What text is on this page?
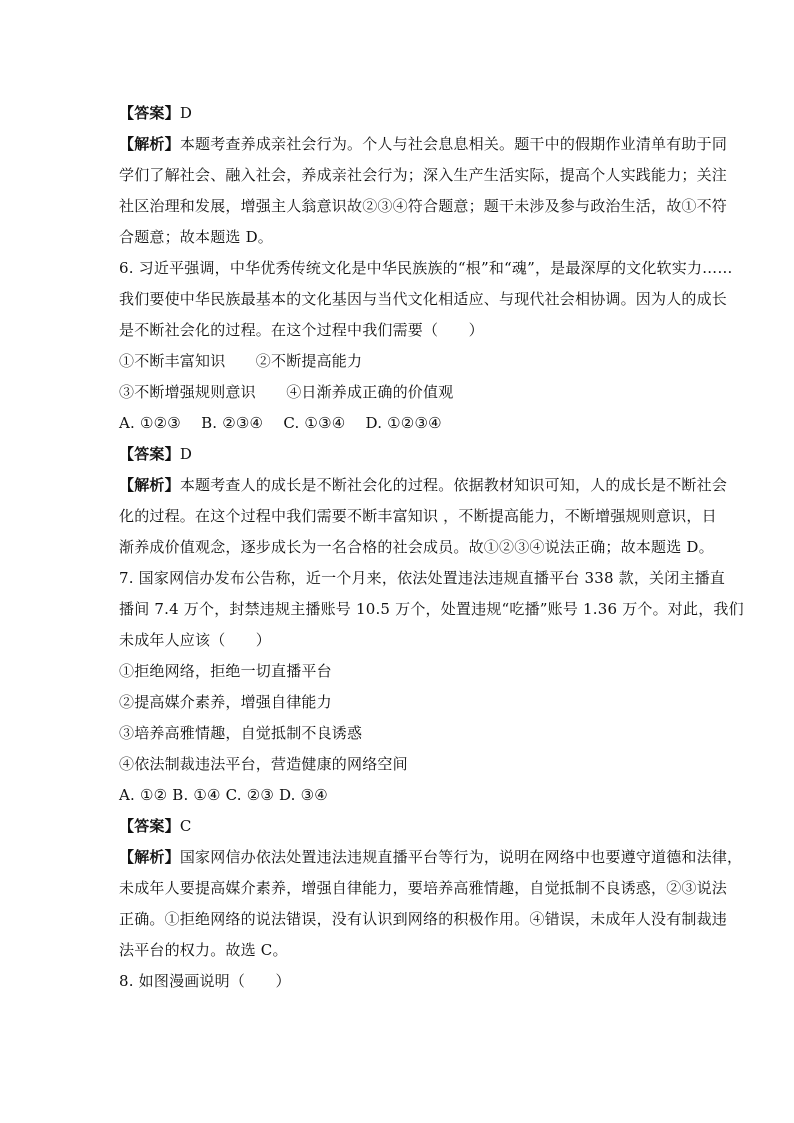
【答案】D
【解析】本题考查养成亲社会行为。个人与社会息息相关。题干中的假期作业清单有助于同
学们了解社会、融入社会，养成亲社会行为；深入生产生活实际，提高个人实践能力；关注
社区治理和发展，增强主人翁意识故②③④符合题意；题干未涉及参与政治生活，故①不符
合题意；故本题选 D。
6. 习近平强调，中华优秀传统文化是中华民族族的“根”和“魂”，是最深厚的文化软实力……
我们要使中华民族最基本的文化基因与当代文化相适应、与现代社会相协调。因为人的成长
是不断社会化的过程。在这个过程中我们需要（　　）
①不断丰富知识　　②不断提高能力
③不断增强规则意识　　④日渐养成正确的价值观
A. ①②③　 B. ②③④　 C. ①③④　 D. ①②③④
【答案】D
【解析】本题考查人的成长是不断社会化的过程。依据教材知识可知，人的成长是不断社会
化的过程。在这个过程中我们需要不断丰富知识 ，不断提高能力，不断增强规则意识，日
渐养成价值观念，逐步成长为一名合格的社会成员。故①②③④说法正确；故本题选 D。
7. 国家网信办发布公告称，近一个月来，依法处置违法违规直播平台 338 款，关闭主播直
播间 7.4 万个，封禁违规主播账号 10.5 万个，处置违规“吃播”账号 1.36 万个。对此，我们
未成年人应该（　　）
①拒绝网络，拒绝一切直播平台
②提高媒介素养，增强自律能力
③培养高雅情趣，自觉抵制不良诱惑
④依法制裁违法平台，营造健康的网络空间
A. ①② B. ①④ C. ②③ D. ③④
【答案】C
【解析】国家网信办依法处置违法违规直播平台等行为，说明在网络中也要遵守道德和法律，
未成年人要提高媒介素养，增强自律能力，要培养高雅情趣，自觉抵制不良诱惑，②③说法
正确。①拒绝网络的说法错误，没有认识到网络的积极作用。④错误，未成年人没有制裁违
法平台的权力。故选 C。
8. 如图漫画说明（　　）
